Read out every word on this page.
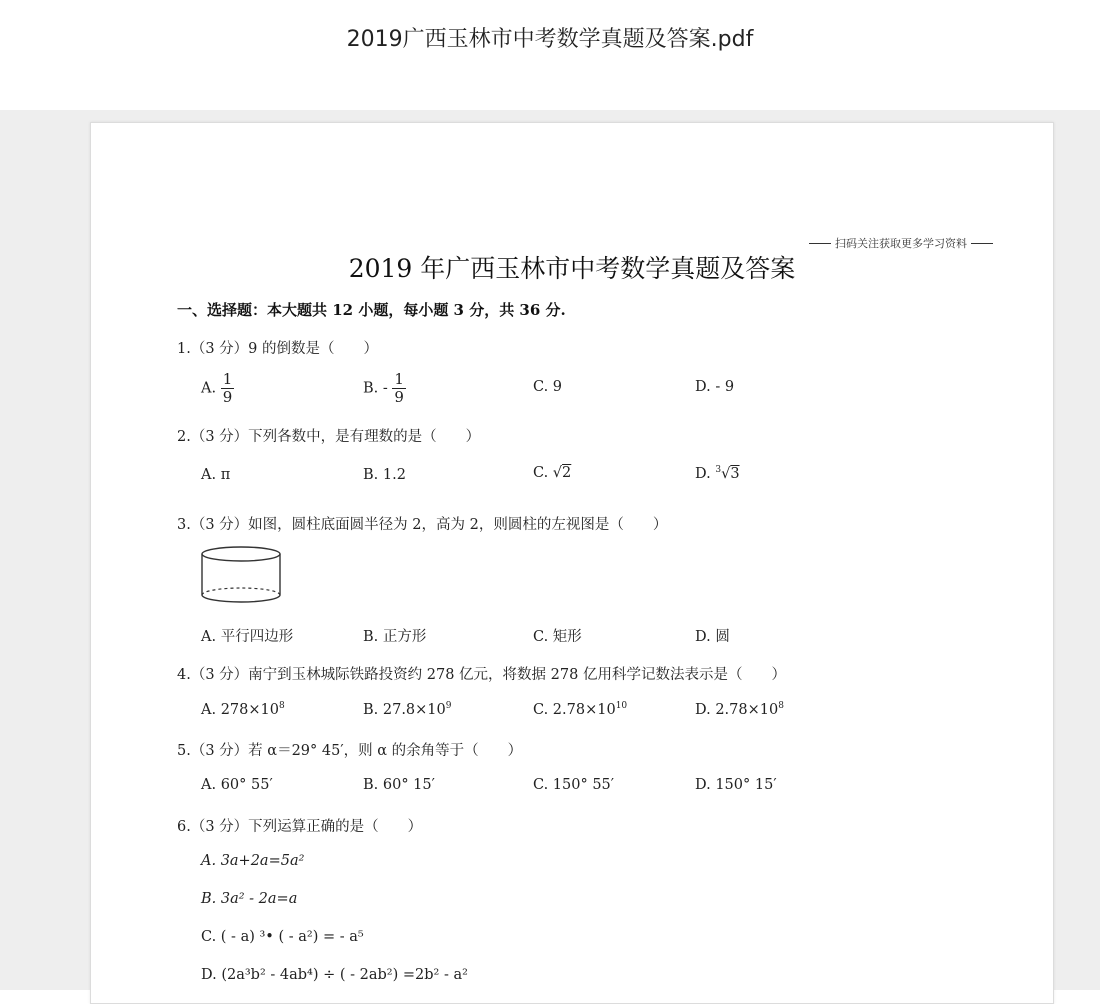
2019广西玉林市中考数学真题及答案.pdf
扫码关注获取更多学习资料
2019 年广西玉林市中考数学真题及答案
一、选择题：本大题共 12 小题，每小题 3 分，共 36 分.
1.（3 分）9 的倒数是（　　）
A. $\frac{1}{9}$	B. - $\frac{1}{9}$	C. 9	D. - 9
2.（3 分）下列各数中，是有理数的是（　　）
A. π	B. 1.2	C. √2	D. $^3$√3
3.（3 分）如图，圆柱底面圆半径为 2，高为 2，则圆柱的左视图是（　　）
A. 平行四边形	B. 正方形	C. 矩形	D. 圆
4.（3 分）南宁到玉林城际铁路投资约 278 亿元，将数据 278 亿用科学记数法表示是（　　）
A. $278\times 10^8$	B. $27.8\times 10^9$	C. $2.78\times 10^{10}$	D. $2.78\times 10^8$
5.（3 分）若 α＝29° 45′，则 α 的余角等于（　　）
A. 60° 55′	B. 60° 15′	C. 150° 55′	D. 150° 15′
6.（3 分）下列运算正确的是（　　）
A. 3a+2a=5a²
B. 3a² - 2a=a
C. ( - a) ³• ( - a²) = - a⁵
D. (2a³b² - 4ab⁴) ÷ ( - 2ab²) =2b² - a²
